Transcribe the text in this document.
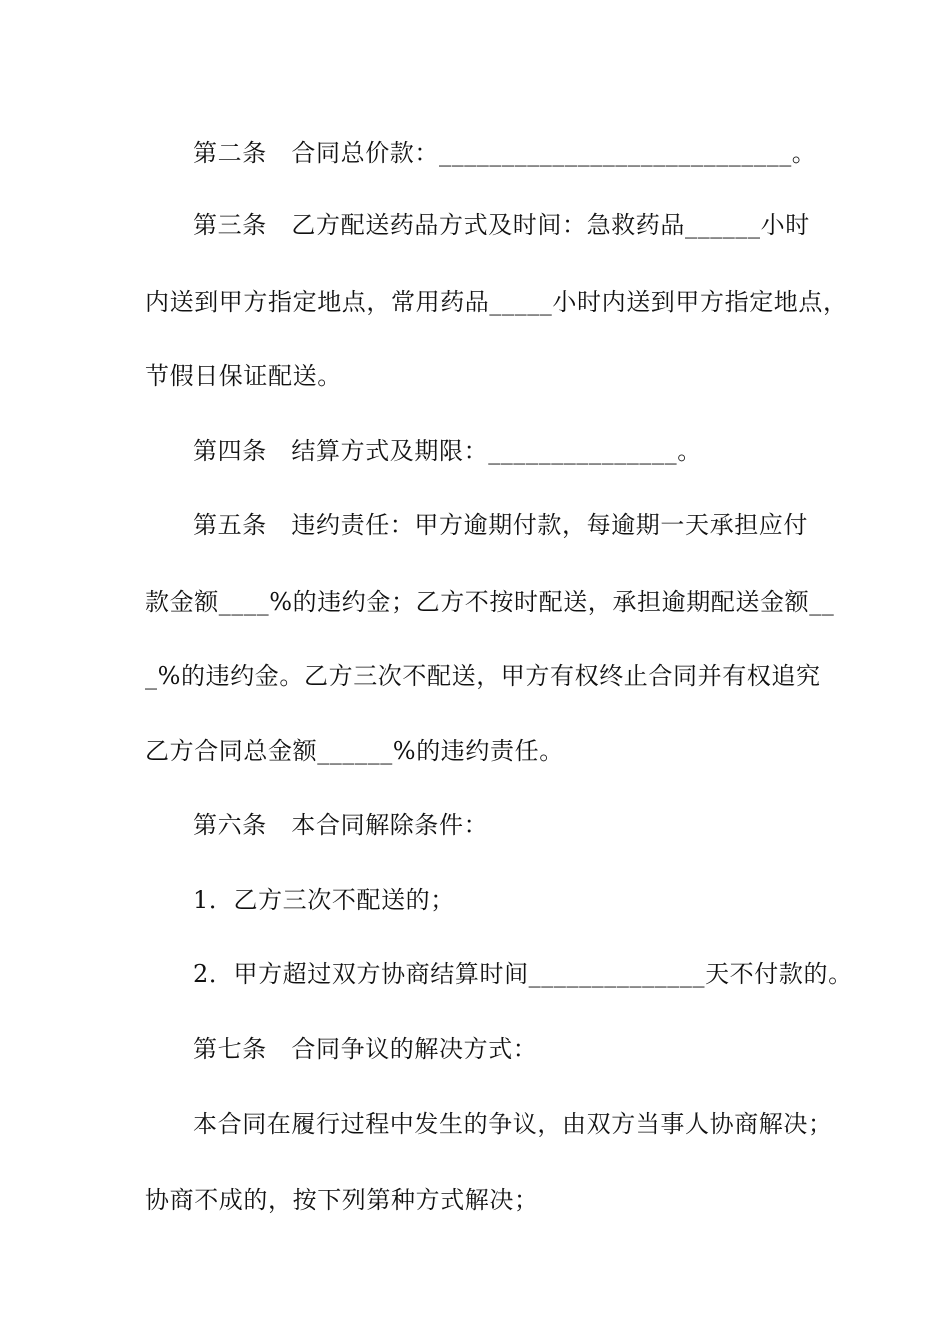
第二条　合同总价款：____________________________。
第三条　乙方配送药品方式及时间：急救药品______小时
内送到甲方指定地点，常用药品_____小时内送到甲方指定地点，
节假日保证配送。
第四条　结算方式及期限：_______________。
第五条　违约责任：甲方逾期付款，每逾期一天承担应付
款金额____%的违约金；乙方不按时配送，承担逾期配送金额__
_%的违约金。乙方三次不配送，甲方有权终止合同并有权追究
乙方合同总金额______%的违约责任。
第六条　本合同解除条件：
1．乙方三次不配送的；
2．甲方超过双方协商结算时间______________天不付款的。
第七条　合同争议的解决方式：
本合同在履行过程中发生的争议，由双方当事人协商解决；
协商不成的，按下列第种方式解决；
